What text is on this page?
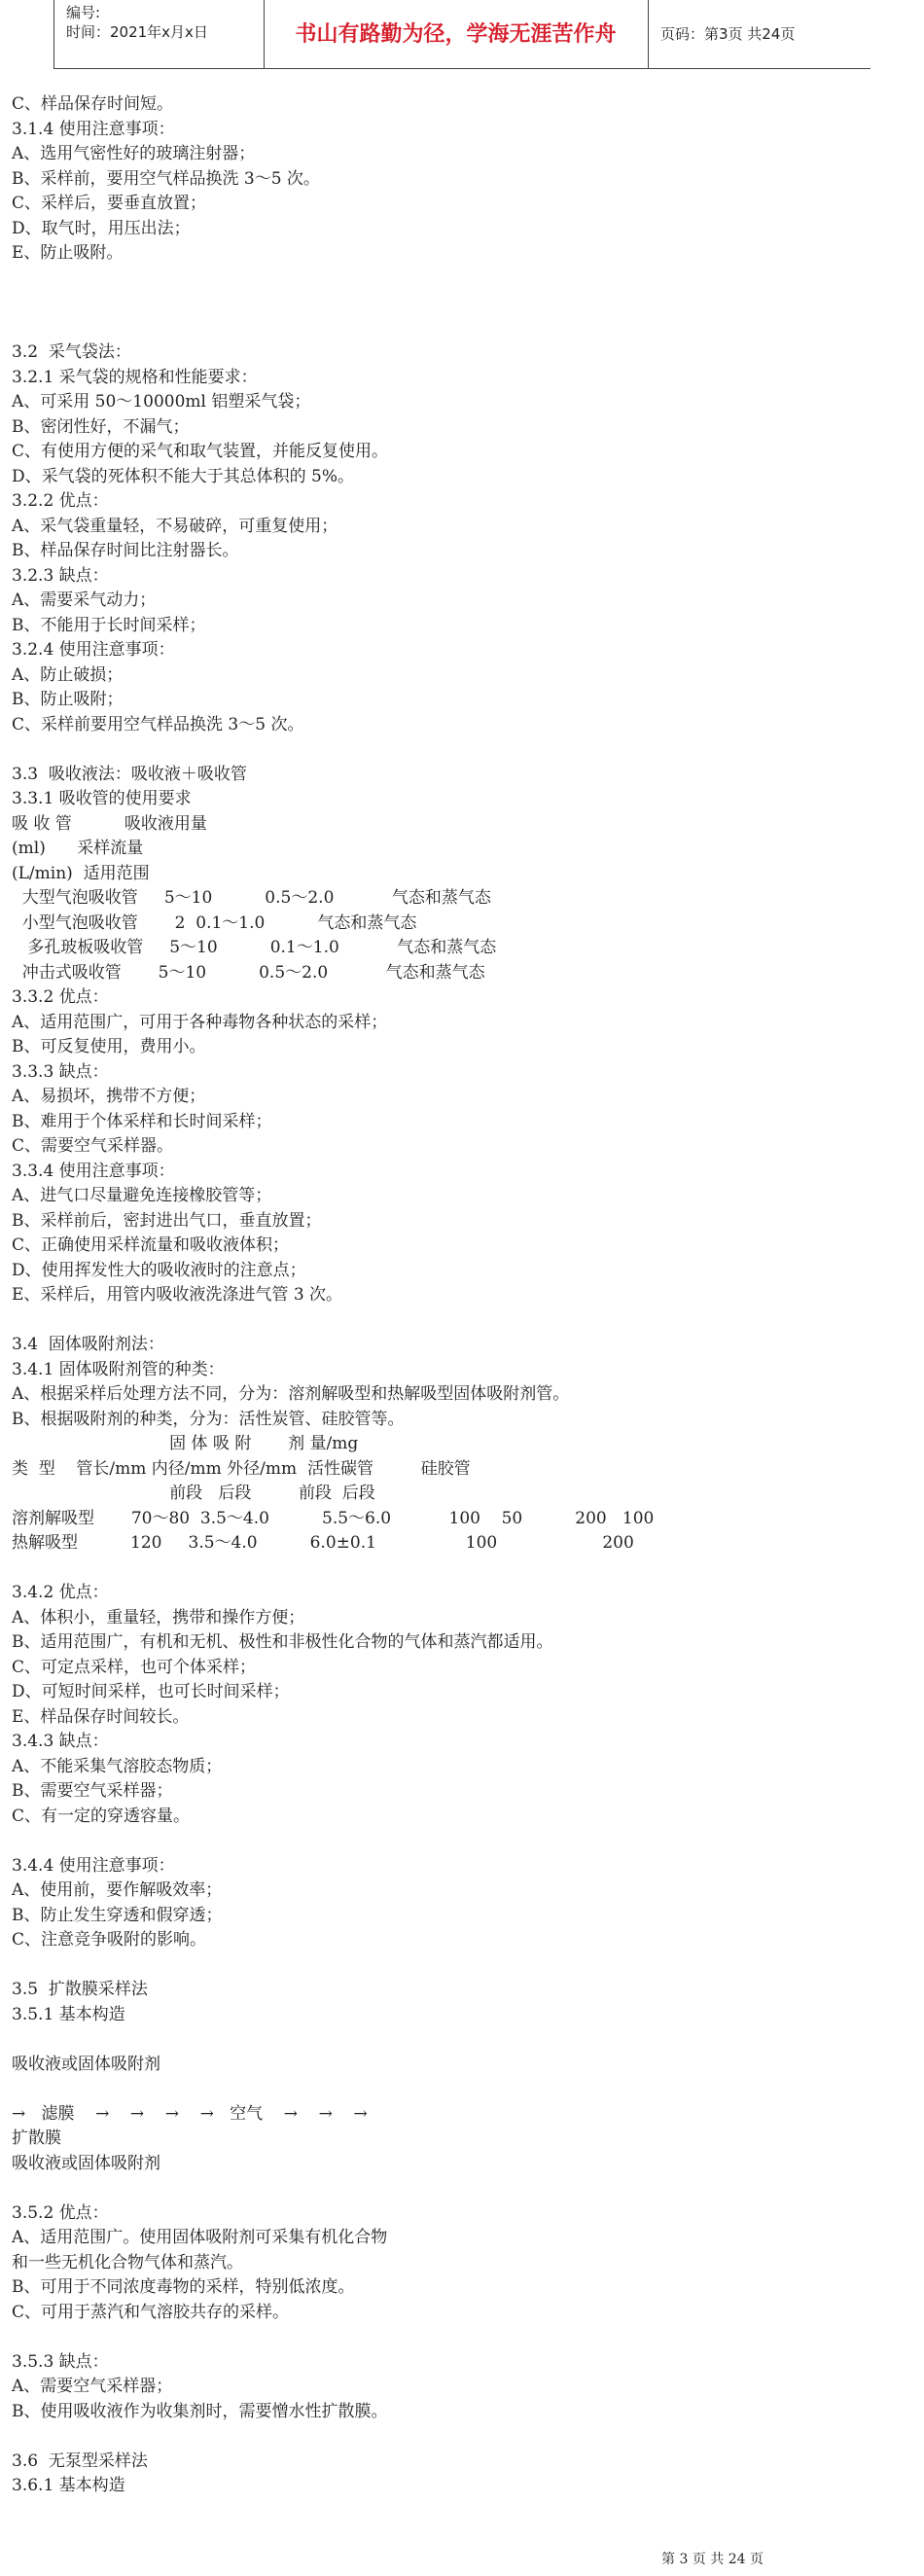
编号:
时间：2021年x月x日	书山有路勤为径，学海无涯苦作舟	页码：第3页 共24页
C、样品保存时间短。
3.1.4 使用注意事项：
A、选用气密性好的玻璃注射器；
B、采样前，要用空气样品换洗 3～5 次。
C、采样后，要垂直放置；
D、取气时，用压出法；
E、防止吸附。
3.2  采气袋法：
3.2.1 采气袋的规格和性能要求：
A、可采用 50～10000ml 铝塑采气袋；
B、密闭性好，不漏气；
C、有使用方便的采气和取气装置，并能反复使用。
D、采气袋的死体积不能大于其总体积的 5%。
3.2.2 优点：
A、采气袋重量轻，不易破碎，可重复使用；
B、样品保存时间比注射器长。
3.2.3 缺点：
A、需要采气动力；
B、不能用于长时间采样；
3.2.4 使用注意事项：
A、防止破损；
B、防止吸附；
C、采样前要用空气样品换洗 3～5 次。
3.3  吸收液法：吸收液＋吸收管
3.3.1 吸收管的使用要求
吸 收 管          吸收液用量
(ml)      采样流量
(L/min)  适用范围
大型气泡吸收管     5～10          0.5～2.0           气态和蒸气态
小型气泡吸收管       2  0.1～1.0          气态和蒸气态
多孔玻板吸收管     5～10          0.1～1.0           气态和蒸气态
冲击式吸收管       5～10          0.5～2.0           气态和蒸气态
3.3.2 优点：
A、适用范围广，可用于各种毒物各种状态的采样；
B、可反复使用，费用小。
3.3.3 缺点：
A、易损坏，携带不方便；
B、难用于个体采样和长时间采样；
C、需要空气采样器。
3.3.4 使用注意事项：
A、进气口尽量避免连接橡胶管等；
B、采样前后，密封进出气口，垂直放置；
C、正确使用采样流量和吸收液体积；
D、使用挥发性大的吸收液时的注意点；
E、采样后，用管内吸收液洗涤进气管 3 次。
3.4  固体吸附剂法：
3.4.1 固体吸附剂管的种类：
A、根据采样后处理方法不同，分为：溶剂解吸型和热解吸型固体吸附剂管。
B、根据吸附剂的种类，分为：活性炭管、硅胶管等。
固 体 吸 附       剂 量/mg
类  型    管长/mm 内径/mm 外径/mm  活性碳管         硅胶管
前段   后段         前段  后段
溶剂解吸型       70～80  3.5～4.0          5.5～6.0           100    50          200   100
热解吸型          120     3.5～4.0          6.0±0.1                 100                    200
3.4.2 优点：
A、体积小，重量轻，携带和操作方便；
B、适用范围广，有机和无机、极性和非极性化合物的气体和蒸汽都适用。
C、可定点采样，也可个体采样；
D、可短时间采样，也可长时间采样；
E、样品保存时间较长。
3.4.3 缺点：
A、不能采集气溶胶态物质；
B、需要空气采样器；
C、有一定的穿透容量。
3.4.4 使用注意事项：
A、使用前，要作解吸效率；
B、防止发生穿透和假穿透；
C、注意竞争吸附的影响。
3.5  扩散膜采样法
3.5.1 基本构造
吸收液或固体吸附剂
→   滤膜    →    →    →    →   空气    →    →    →
扩散膜
吸收液或固体吸附剂
3.5.2 优点：
A、适用范围广。使用固体吸附剂可采集有机化合物
和一些无机化合物气体和蒸汽。
B、可用于不同浓度毒物的采样，特别低浓度。
C、可用于蒸汽和气溶胶共存的采样。
3.5.3 缺点：
A、需要空气采样器；
B、使用吸收液作为收集剂时，需要憎水性扩散膜。
3.6  无泵型采样法
3.6.1 基本构造
第 3 页 共 24 页
